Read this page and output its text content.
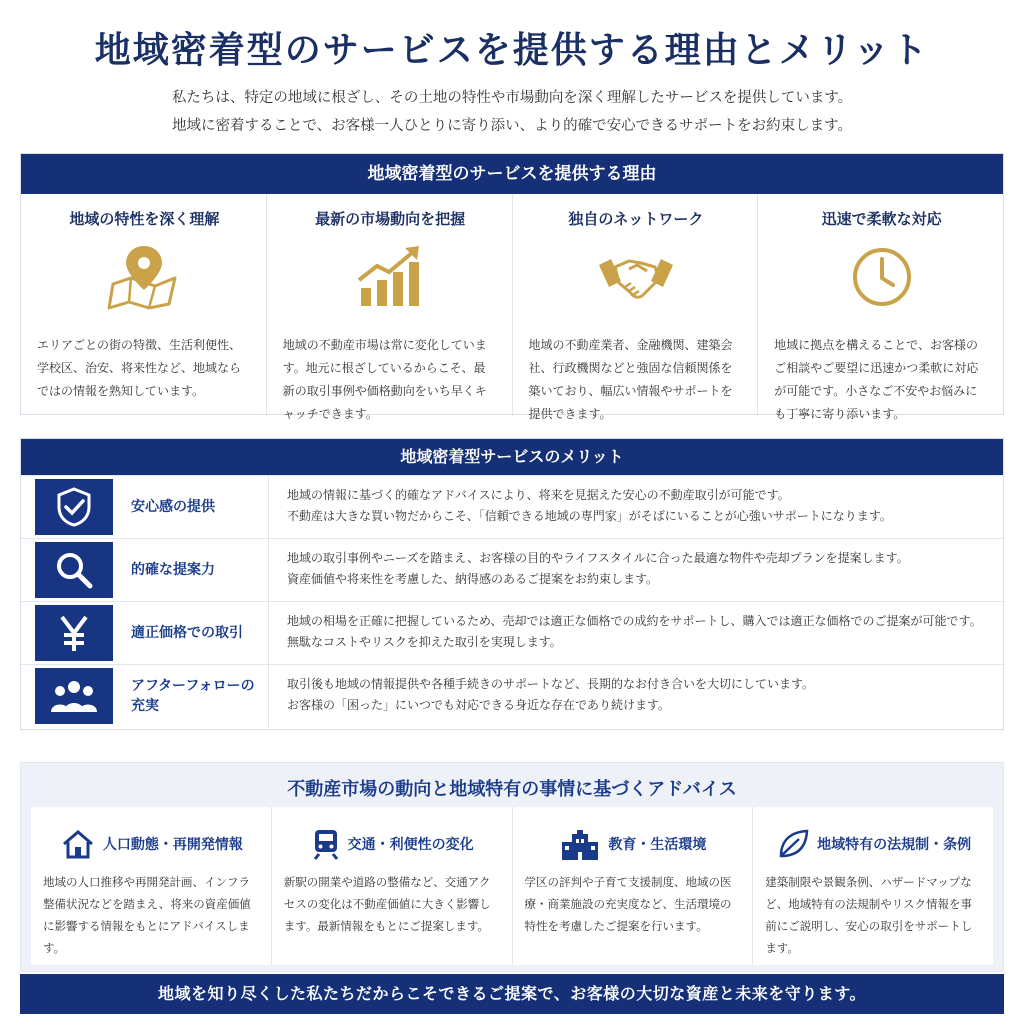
地域密着型のサービスを提供する理由とメリット
私たちは、特定の地域に根ざし、その土地の特性や市場動向を深く理解したサービスを提供しています。
地域に密着することで、お客様一人ひとりに寄り添い、より的確で安心できるサポートをお約束します。
地域密着型のサービスを提供する理由
地域の特性を深く理解

エリアごとの街の特徴、生活利便性、学校区、治安、将来性など、地域ならではの情報を熟知しています。

最新の市場動向を把握

地域の不動産市場は常に変化しています。地元に根ざしているからこそ、最新の取引事例や価格動向をいち早くキャッチできます。

独自のネットワーク

地域の不動産業者、金融機関、建築会社、行政機関などと強固な信頼関係を築いており、幅広い情報やサポートを提供できます。

迅速で柔軟な対応

地域に拠点を構えることで、お客様のご相談やご要望に迅速かつ柔軟に対応が可能です。小さなご不安やお悩みにも丁寧に寄り添います。

地域密着型サービスのメリット
安心感の提供
地域の情報に基づく的確なアドバイスにより、将来を見据えた安心の不動産取引が可能です。
不動産は大きな買い物だからこそ、「信頼できる地域の専門家」がそばにいることが心強いサポートになります。
的確な提案力
地域の取引事例やニーズを踏まえ、お客様の目的やライフスタイルに合った最適な物件や売却プランを提案します。
資産価値や将来性を考慮した、納得感のあるご提案をお約束します。
適正価格での取引
地域の相場を正確に把握しているため、売却では適正な価格での成約をサポートし、購入では適正な価格でのご提案が可能です。
無駄なコストやリスクを抑えた取引を実現します。
アフターフォローの充実
取引後も地域の情報提供や各種手続きのサポートなど、長期的なお付き合いを大切にしています。
お客様の「困った」にいつでも対応できる身近な存在であり続けます。
不動産市場の動向と地域特有の事情に基づくアドバイス
人口動態・再開発情報

地域の人口推移や再開発計画、インフラ整備状況などを踏まえ、将来の資産価値に影響する情報をもとにアドバイスします。

交通・利便性の変化

新駅の開業や道路の整備など、交通アクセスの変化は不動産価値に大きく影響します。最新情報をもとにご提案します。

教育・生活環境

学区の評判や子育て支援制度、地域の医療・商業施設の充実度など、生活環境の特性を考慮したご提案を行います。

地域特有の法規制・条例

建築制限や景観条例、ハザードマップなど、地域特有の法規制やリスク情報を事前にご説明し、安心の取引をサポートします。

地域を知り尽くした私たちだからこそできるご提案で、お客様の大切な資産と未来を守ります。
